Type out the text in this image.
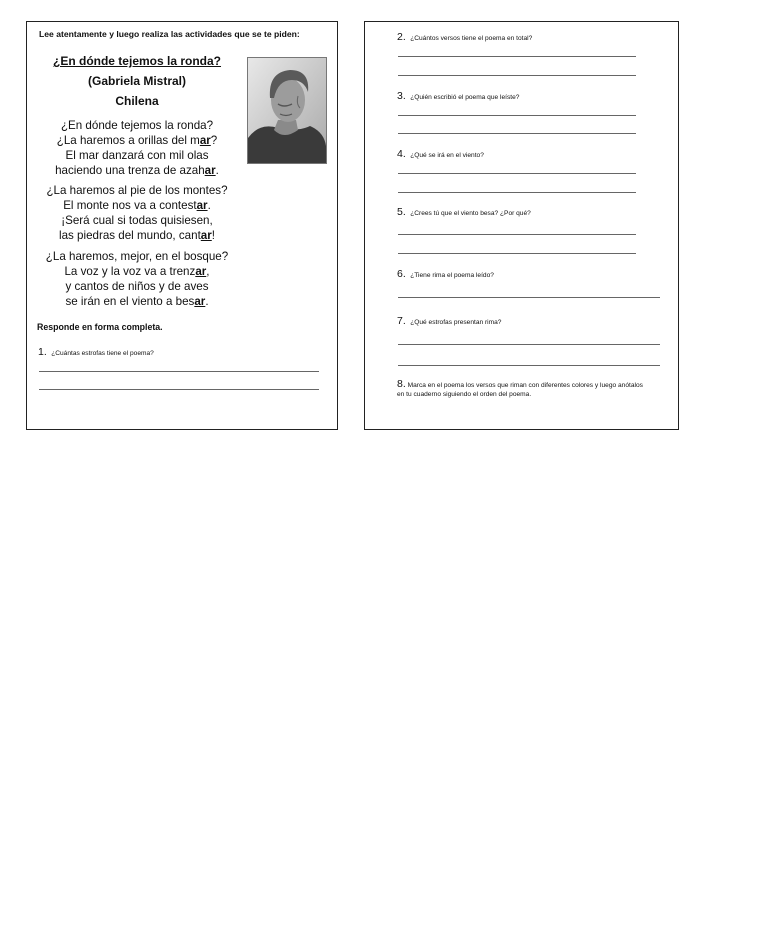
Lee atentamente y luego realiza las actividades que se te piden:
¿En dónde tejemos la ronda?
(Gabriela Mistral)
Chilena
¿En dónde tejemos la ronda?
¿La haremos a orillas del mar?
El mar danzará con mil olas
haciendo una trenza de azahar.
¿La haremos al pie de los montes?
El monte nos va a contestar.
¡Será cual si todas quisiesen,
las piedras del mundo, cantar!
¿La haremos, mejor, en el bosque?
La voz y la voz va a trenzar,
y cantos de niños y de aves
se irán en el viento a besar.
Responde en forma completa.
1. ¿Cuántas estrofas tiene el poema?
2. ¿Cuántos versos tiene el poema en total?
3. ¿Quién escribió el poema que leíste?
4. ¿Qué se irá en el viento?
5. ¿Crees tú que el viento besa? ¿Por qué?
6. ¿Tiene rima el poema leído?
7. ¿Qué estrofas presentan rima?
8. Marca en el poema los versos que riman con diferentes colores y luego anótalos en tu cuaderno siguiendo el orden del poema.
